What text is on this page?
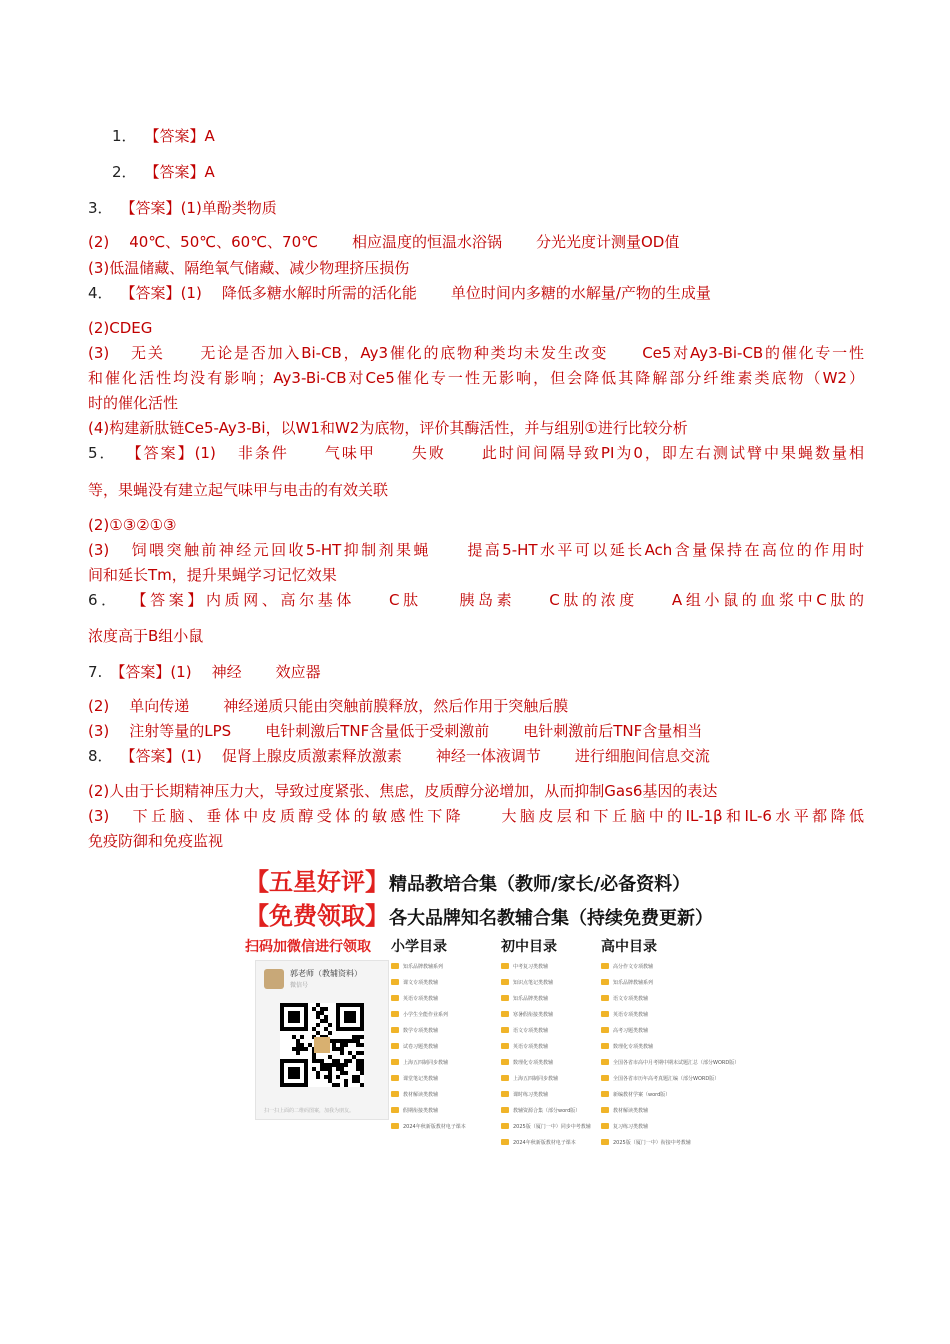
1． 【答案】A
2． 【答案】A
3． 【答案】(1)单酚类物质
(2) 40℃、50℃、60℃、70℃ 相应温度的恒温水浴锅 分光光度计测量OD值
(3)低温储藏、隔绝氧气储藏、减少物理挤压损伤
4． 【答案】(1) 降低多糖水解时所需的活化能 单位时间内多糖的水解量/产物的生成量
(2)CDEG
(3) 无关 无论是否加入Bi-CB，Ay3催化的底物种类均未发生改变 Ce5对Ay3-Bi-CB的催化专一性
和催化活性均没有影响；Ay3-Bi-CB对Ce5催化专一性无影响，但会降低其降解部分纤维素类底物（W2）
时的催化活性
(4)构建新肽链Ce5-Ay3-Bi，以W1和W2为底物，评价其酶活性，并与组别①进行比较分析
5． 【答案】(1) 非条件 气味甲 失败 此时间间隔导致PI为0，即左右测试臂中果蝇数量相
等，果蝇没有建立起气味甲与电击的有效关联
(2)①③②①③
(3) 饲喂突触前神经元回收5-HT抑制剂果蝇 提高5-HT水平可以延长Ach含量保持在高位的作用时
间和延长Tm，提升果蝇学习记忆效果
6． 【答案】内质网、高尔基体 C肽 胰岛素 C肽的浓度 A组小鼠的血浆中C肽的
浓度高于B组小鼠
7. 【答案】(1) 神经 效应器
(2) 单向传递 神经递质只能由突触前膜释放，然后作用于突触后膜
(3) 注射等量的LPS 电针刺激后TNF含量低于受刺激前 电针刺激前后TNF含量相当
8． 【答案】(1) 促肾上腺皮质激素释放激素 神经一体液调节 进行细胞间信息交流
(2)人由于长期精神压力大，导致过度紧张、焦虑，皮质醇分泌增加，从而抑制Gas6基因的表达
(3) 下丘脑、垂体中皮质醇受体的敏感性下降 大脑皮层和下丘脑中的IL-1β和IL-6水平都降低
免疫防御和免疫监视
【五星好评】精品教培合集（教师/家长/必备资料）
【免费领取】各大品牌知名教辅合集（持续免费更新）
扫码加微信进行领取
郭老师（教辅资料）
微信号
扫一扫上面的二维码图案，加我为朋友。
小学目录	初中目录	高中目录
知乐品牌教辅系列
课文专项类教辅
英语专项类教辅
小学生全能作业系列
数学专项类教辅
试卷习题类教辅
上海五四制同步教辅
课堂笔记类教辅
教材解读类教辅
假期衔接类教辅
2024年秋新版教材电子课本
中考复习类教辅
知识点笔记类教辅
知乐品牌类教辅
寒暑假衔接类教辅
语文专项类教辅
英语专项类教辅
数理化专项类教辅
上海五四制同步教辅
课时练习类教辅
教辅资源合集（部分word版）
2025版（厦门一中）同步中考教辅
2024年秋新版教材电子课本
高分作文专项教辅
知乐品牌教辅系列
语文专项类教辅
英语专项类教辅
高考习题类教辅
数理化专项类教辅
全国各省市高中月考期中期末试题汇总（部分WORD版）
全国各省市历年高考真题汇编（部分WORD版）
新编教材学案（word版）
教材解读类教辅
复习练习类教辅
2025版（厦门一中）衔接中考教辅
